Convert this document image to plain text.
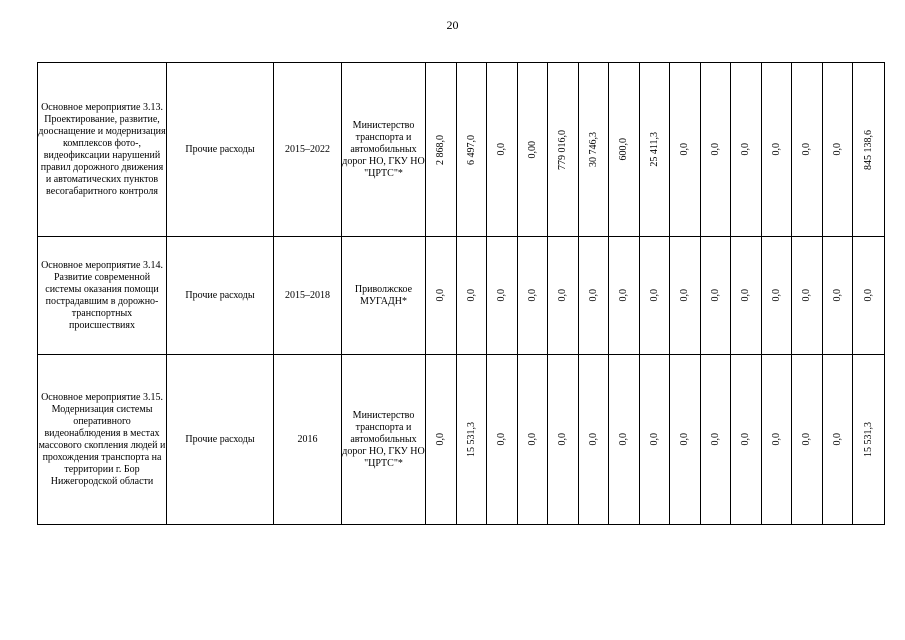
20
Основное мероприятие 3.13. Проектирование, развитие, дооснащение и модернизация комплексов фото-, видеофиксации нарушений правил дорожного движения и автоматических пунктов весогабаритного контроля	Прочие расходы	2015–2022	Министерство транспорта и автомобильных дорог НО, ГКУ НО "ЦРТС"*	2 868,0	6 497,0	0,0	0,00	779 016,0	30 746,3	600,0	25 411,3	0,0	0,0	0,0	0,0	0,0	0,0	845 138,6

Основное мероприятие 3.14. Развитие современной системы оказания помощи пострадавшим в дорожно-транспортных происшествиях	Прочие расходы	2015–2018	Приволжское МУГАДН*	0,0	0,0	0,0	0,0	0,0	0,0	0,0	0,0	0,0	0,0	0,0	0,0	0,0	0,0	0,0

Основное мероприятие 3.15. Модернизация системы оперативного видеонаблюдения в местах массового скопления людей и прохождения транспорта на территории г. Бор Нижегородской области	Прочие расходы	2016	Министерство транспорта и автомобильных дорог НО, ГКУ НО "ЦРТС"*	0,0	15 531,3	0,0	0,0	0,0	0,0	0,0	0,0	0,0	0,0	0,0	0,0	0,0	0,0	15 531,3
